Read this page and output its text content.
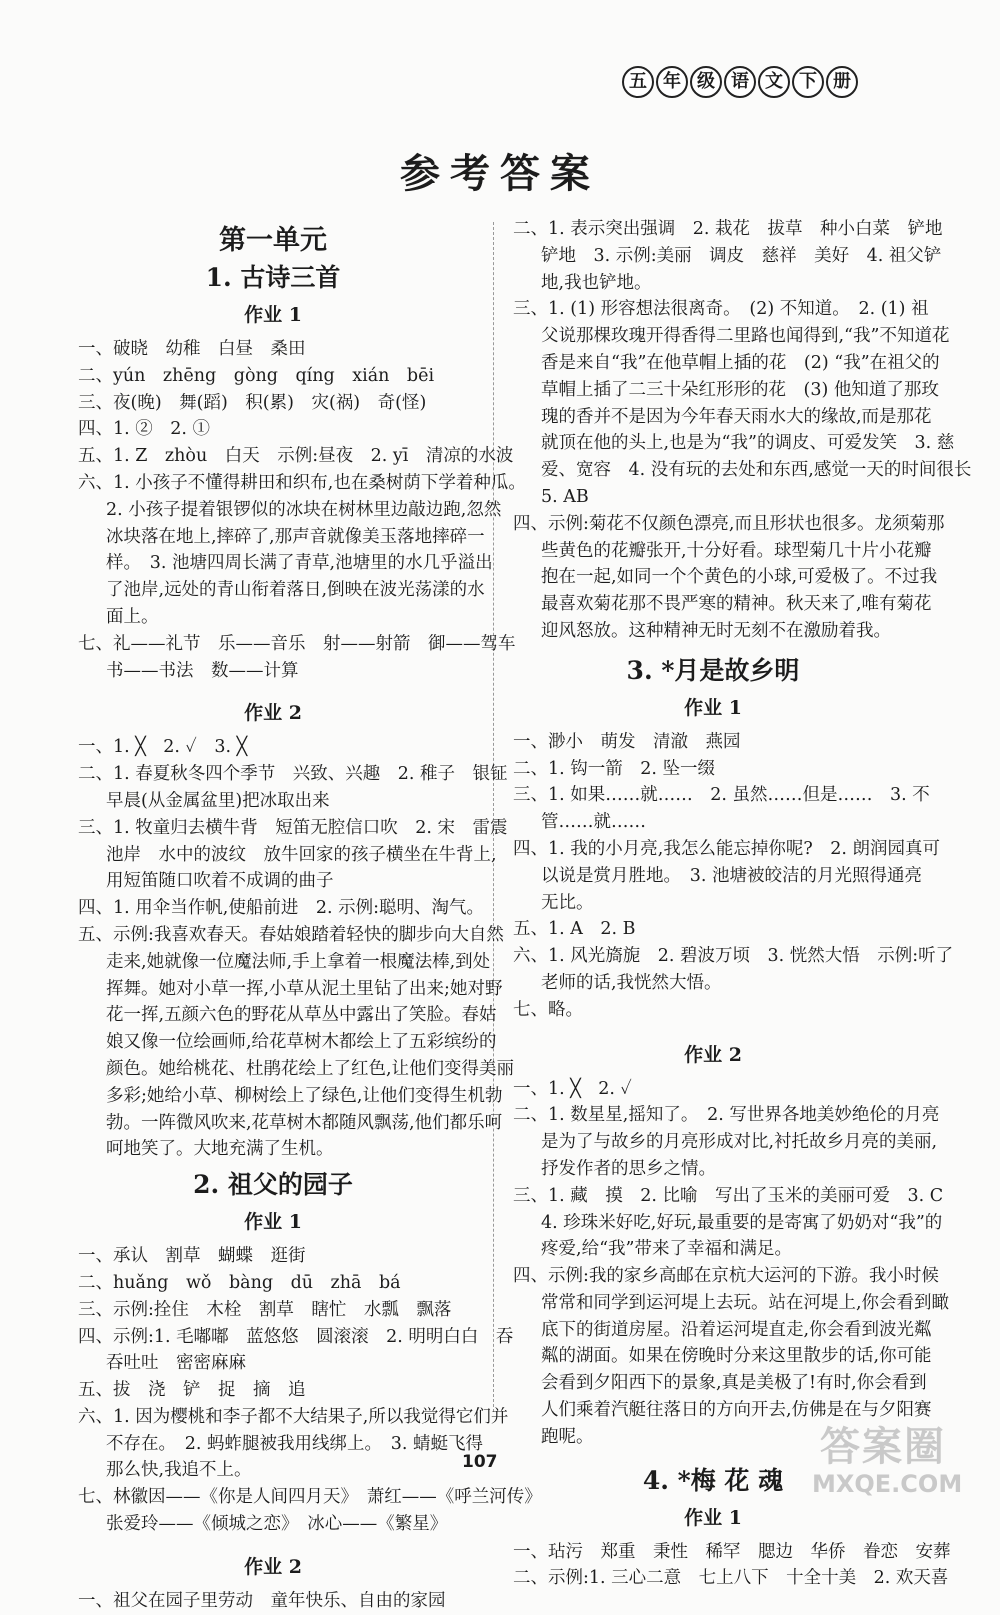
五 年 级 语 文 下 册
参考答案
第一单元
1. 古诗三首
作业 1
一、破晓　幼稚　白昼　桑田
二、yún　zhēng　gòng　qíng　xián　bēi
三、夜(晚)　舞(蹈)　积(累)　灾(祸)　奇(怪)
四、1. ②　2. ①
五、1. Z　zhòu　白天　示例:昼夜　2. yī　清凉的水波
六、1. 小孩子不懂得耕田和织布,也在桑树荫下学着种瓜。
2. 小孩子提着银锣似的冰块在树林里边敲边跑,忽然
冰块落在地上,摔碎了,那声音就像美玉落地摔碎一
样。　3. 池塘四周长满了青草,池塘里的水几乎溢出
了池岸,远处的青山衔着落日,倒映在波光荡漾的水
面上。
七、礼——礼节　乐——音乐　射——射箭　御——驾车
书——书法　数——计算
作业 2
一、1. ╳　2. ✓　3. ╳
二、1. 春夏秋冬四个季节　兴致、兴趣　2. 稚子　银钲
早晨(从金属盆里)把冰取出来
三、1. 牧童归去横牛背　短笛无腔信口吹　2. 宋　雷震
池岸　水中的波纹　放牛回家的孩子横坐在牛背上,
用短笛随口吹着不成调的曲子
四、1. 用伞当作帆,使船前进　2. 示例:聪明、淘气。
五、示例:我喜欢春天。春姑娘踏着轻快的脚步向大自然
走来,她就像一位魔法师,手上拿着一根魔法棒,到处
挥舞。她对小草一挥,小草从泥土里钻了出来;她对野
花一挥,五颜六色的野花从草丛中露出了笑脸。春姑
娘又像一位绘画师,给花草树木都绘上了五彩缤纷的
颜色。她给桃花、杜鹃花绘上了红色,让他们变得美丽
多彩;她给小草、柳树绘上了绿色,让他们变得生机勃
勃。一阵微风吹来,花草树木都随风飘荡,他们都乐呵
呵地笑了。大地充满了生机。
2. 祖父的园子
作业 1
一、承认　割草　蝴蝶　逛街
二、huǎng　wǒ　bàng　dū　zhā　bá
三、示例:拴住　木栓　割草　瞎忙　水瓢　飘落
四、示例:1. 毛嘟嘟　蓝悠悠　圆滚滚　2. 明明白白　吞
吞吐吐　密密麻麻
五、拔　浇　铲　捉　摘　追
六、1. 因为樱桃和李子都不大结果子,所以我觉得它们并
不存在。　2. 蚂蚱腿被我用线绑上。　3. 蜻蜓飞得
那么快,我追不上。
七、林徽因——《你是人间四月天》　萧红——《呼兰河传》
张爱玲——《倾城之恋》　冰心——《繁星》
作业 2
一、祖父在园子里劳动　童年快乐、自由的家园
二、1. 表示突出强调　2. 栽花　拔草　种小白菜　铲地
铲地　3. 示例:美丽　调皮　慈祥　美好　4. 祖父铲
地,我也铲地。
三、1. (1) 形容想法很离奇。　(2) 不知道。　2. (1) 祖
父说那棵玫瑰开得香得二里路也闻得到,“我”不知道花
香是来自“我”在他草帽上插的花　(2) “我”在祖父的
草帽上插了二三十朵红形形的花　(3) 他知道了那玫
瑰的香并不是因为今年春天雨水大的缘故,而是那花
就顶在他的头上,也是为“我”的调皮、可爱发笑　3. 慈
爱、宽容　4. 没有玩的去处和东西,感觉一天的时间很长
5. AB
四、示例:菊花不仅颜色漂亮,而且形状也很多。龙须菊那
些黄色的花瓣张开,十分好看。球型菊几十片小花瓣
抱在一起,如同一个个黄色的小球,可爱极了。不过我
最喜欢菊花那不畏严寒的精神。秋天来了,唯有菊花
迎风怒放。这种精神无时无刻不在激励着我。
3. *月是故乡明
作业 1
一、渺小　萌发　清澈　燕园
二、1. 钩一箭　2. 坠一缀
三、1. 如果……就……　2. 虽然……但是……　3. 不
管……就……
四、1. 我的小月亮,我怎么能忘掉你呢?　2. 朗润园真可
以说是赏月胜地。　3. 池塘被皎洁的月光照得通亮
无比。
五、1. A　2. B
六、1. 风光旖旎　2. 碧波万顷　3. 恍然大悟　示例:听了
老师的话,我恍然大悟。
七、略。
作业 2
一、1. ╳　2. ✓
二、1. 数星星,摇知了。　2. 写世界各地美妙绝伦的月亮
是为了与故乡的月亮形成对比,衬托故乡月亮的美丽,
抒发作者的思乡之情。
三、1. 藏　摸　2. 比喻　写出了玉米的美丽可爱　3. C
4. 珍珠米好吃,好玩,最重要的是寄寓了奶奶对“我”的
疼爱,给“我”带来了幸福和满足。
四、示例:我的家乡高邮在京杭大运河的下游。我小时候
常常和同学到运河堤上去玩。站在河堤上,你会看到瞰
底下的街道房屋。沿着运河堤直走,你会看到波光粼
粼的湖面。如果在傍晚时分来这里散步的话,你可能
会看到夕阳西下的景象,真是美极了!有时,你会看到
人们乘着汽艇往落日的方向开去,仿佛是在与夕阳赛
跑呢。
4. *梅 花 魂
作业 1
一、玷污　郑重　秉性　稀罕　腮边　华侨　眷恋　安葬
二、示例:1. 三心二意　七上八下　十全十美　2. 欢天喜
107	答案圈
MXQE.COM
